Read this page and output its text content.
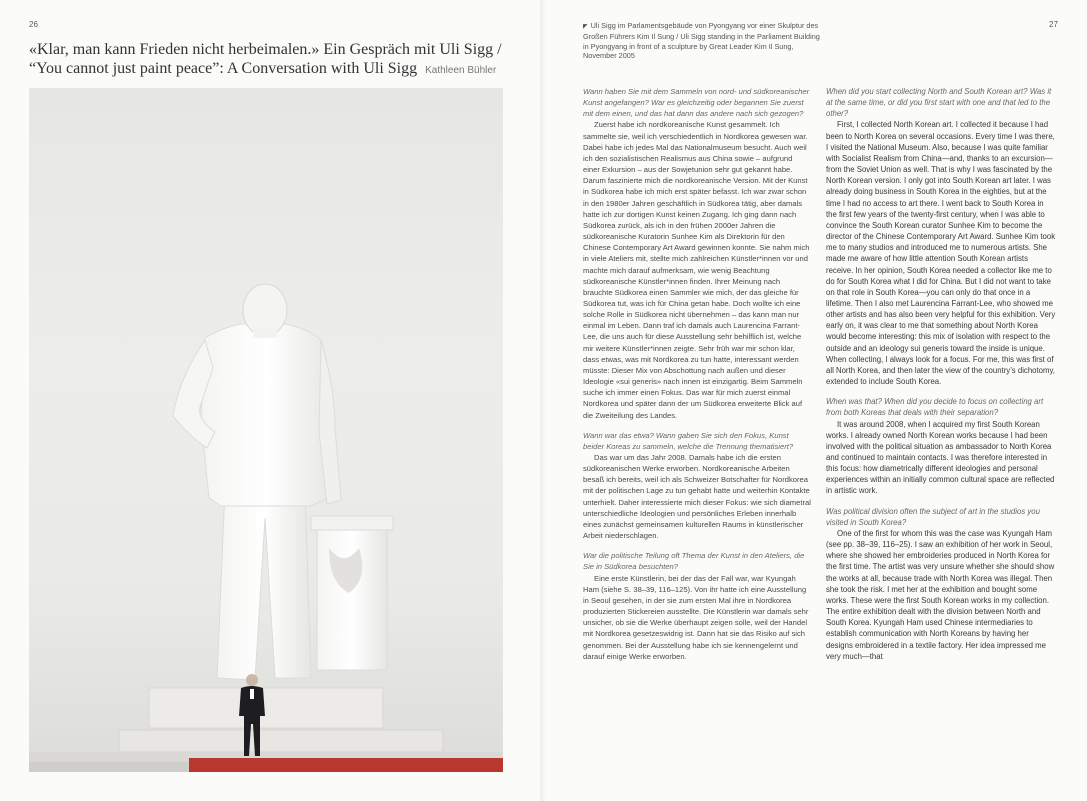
26	27
«Klar, man kann Frieden nicht herbeimalen.» Ein Gespräch mit Uli Sigg / “You cannot just paint peace”: A Conversation with Uli Sigg Kathleen Bühler
◤ Uli Sigg im Parlamentsgebäude von Pyongyang vor einer Skulptur des Großen Führers Kim Il Sung / Uli Sigg standing in the Parliament Building in Pyongyang in front of a sculpture by Great Leader Kim Il Sung, November 2005

Wann haben Sie mit dem Sammeln von nord- und südkoreanischer Kunst angefangen? War es gleichzeitig oder begannen Sie zuerst mit dem einen, und das hat dann das andere nach sich gezogen?

Zuerst habe ich nordkoreanische Kunst gesammelt. Ich sammelte sie, weil ich verschiedentlich in Nordkorea gewesen war. Dabei habe ich jedes Mal das Nationalmuseum besucht. Auch weil ich den sozialistischen Realismus aus China sowie – aufgrund einer Exkursion – aus der Sowjetunion sehr gut gekannt habe. Darum faszinierte mich die nordkoreanische Version. Mit der Kunst in Südkorea habe ich mich erst später befasst. Ich war zwar schon in den 1980er Jahren geschäftlich in Südkorea tätig, aber damals hatte ich zur dortigen Kunst keinen Zugang. Ich ging dann nach Südkorea zurück, als ich in den frühen 2000er Jahren die südkoreanische Kuratorin Sunhee Kim als Direktorin für den Chinese Contemporary Art Award gewinnen konnte. Sie nahm mich in viele Ateliers mit, stellte mich zahlreichen Künstler*innen vor und machte mich darauf aufmerksam, wie wenig Beachtung südkoreanische Künstler*innen finden. Ihrer Meinung nach brauchte Südkorea einen Sammler wie mich, der das gleiche für Südkorea tut, was ich für China getan habe. Doch wollte ich eine solche Rolle in Südkorea nicht übernehmen – das kann man nur einmal im Leben. Dann traf ich damals auch Laurencina Farrant-Lee, die uns auch für diese Ausstellung sehr behilflich ist, welche mir weitere Künstler*innen zeigte. Sehr früh war mir schon klar, dass etwas, was mit Nordkorea zu tun hatte, interessant werden müsste: Dieser Mix von Abschottung nach außen und dieser Ideologie «sui generis» nach innen ist einzigartig. Beim Sammeln suche ich immer einen Fokus. Das war für mich zuerst einmal Nordkorea und später dann der um Südkorea erweiterte Blick auf die Zweiteilung des Landes.

Wann war das etwa? Wann gaben Sie sich den Fokus, Kunst beider Koreas zu sammeln, welche die Trennung thematisiert?

Das war um das Jahr 2008. Damals habe ich die ersten südkoreanischen Werke erworben. Nordkoreanische Arbeiten besaß ich bereits, weil ich als Schweizer Botschafter für Nordkorea mit der politischen Lage zu tun gehabt hatte und weiterhin Kontakte unterhielt. Daher interessierte mich dieser Fokus: wie sich diametral unterschiedliche Ideologien und persönliches Erleben innerhalb eines zunächst gemeinsamen kulturellen Raums in künstlerischer Arbeit niederschlagen.

War die politische Teilung oft Thema der Kunst in den Ateliers, die Sie in Südkorea besuchten?

Eine erste Künstlerin, bei der das der Fall war, war Kyungah Ham (siehe S. 38–39, 116–125). Von ihr hatte ich eine Ausstellung in Seoul gesehen, in der sie zum ersten Mal ihre in Nordkorea produzierten Stickereien ausstellte. Die Künstlerin war damals sehr unsicher, ob sie die Werke überhaupt zeigen solle, weil der Handel mit Nordkorea gesetzeswidrig ist. Dann hat sie das Risiko auf sich genommen. Bei der Ausstellung habe ich sie kennengelernt und darauf einige Werke erworben.

When did you start collecting North and South Korean art? Was it at the same time, or did you first start with one and that led to the other?

First, I collected North Korean art. I collected it because I had been to North Korea on several occasions. Every time I was there, I visited the National Museum. Also, because I was quite familiar with Socialist Realism from China—and, thanks to an excursion—from the Soviet Union as well. That is why I was fascinated by the North Korean version. I only got into South Korean art later. I was already doing business in South Korea in the eighties, but at the time I had no access to art there. I went back to South Korea in the first few years of the twenty-first century, when I was able to convince the South Korean curator Sunhee Kim to become the director of the Chinese Contemporary Art Award. Sunhee Kim took me to many studios and introduced me to numerous artists. She made me aware of how little attention South Korean artists receive. In her opinion, South Korea needed a collector like me to do for South Korea what I did for China. But I did not want to take on that role in South Korea—you can only do that once in a lifetime. Then I also met Laurencina Farrant-Lee, who showed me other artists and has also been very helpful for this exhibition. Very early on, it was clear to me that something about North Korea would become interesting: this mix of isolation with respect to the outside and an ideology sui generis toward the inside is unique. When collecting, I always look for a focus. For me, this was first of all North Korea, and then later the view of the country’s dichotomy, extended to include South Korea.

When was that? When did you decide to focus on collecting art from both Koreas that deals with their separation?

It was around 2008, when I acquired my first South Korean works. I already owned North Korean works because I had been involved with the political situation as ambassador to North Korea and continued to maintain contacts. I was therefore interested in this focus: how diametrically different ideologies and personal experiences within an initially common cultural space are reflected in artistic work.

Was political division often the subject of art in the studios you visited in South Korea?

One of the first for whom this was the case was Kyungah Ham (see pp. 38–39, 116–25). I saw an exhibition of her work in Seoul, where she showed her embroideries produced in North Korea for the first time. The artist was very unsure whether she should show the works at all, because trade with North Korea was illegal. Then she took the risk. I met her at the exhibition and bought some works. These were the first South Korean works in my collection. The entire exhibition dealt with the division between North and South Korea. Kyungah Ham used Chinese intermediaries to establish communication with North Koreans by having her designs embroidered in a textile factory. Her idea impressed me very much—that
